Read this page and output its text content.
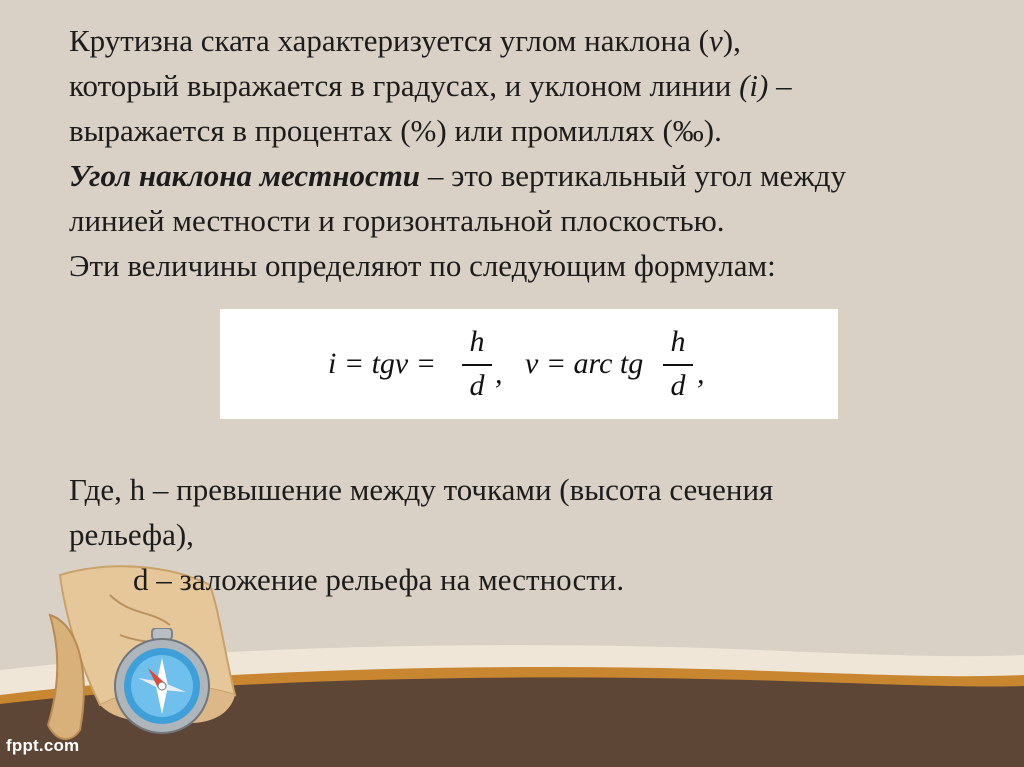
Крутизна ската характеризуется углом наклона (v),
который выражается в градусах, и уклоном линии (i) –
выражается в процентах (%) или промиллях (‰).
Угол наклона местности – это вертикальный угол между
линией местности и горизонтальной плоскостью.
Эти величины определяют по следующим формулам:
i = tgν =
h
d , ν = arc tg
h
d ,
Где, h – превышение между точками (высота сечения
рельефа),
d – заложение рельефа на местности.
fppt.com
